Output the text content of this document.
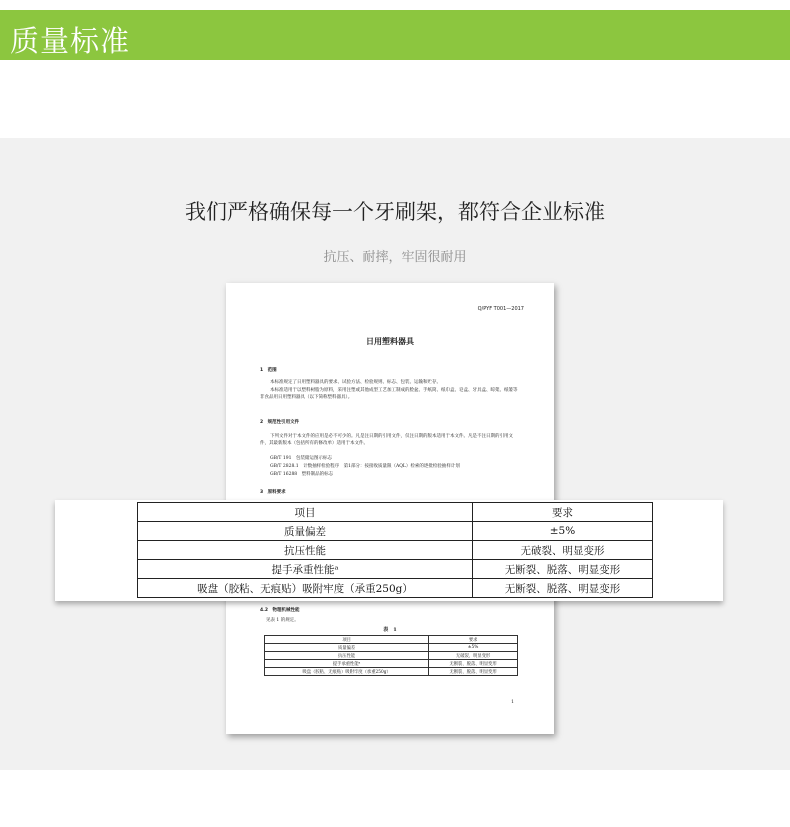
质量标准
我们严格确保每一个牙刷架，都符合企业标准
抗压、耐摔，牢固很耐用
Q/PYF T001—2017
日用塑料器具
1　范围
本标准规定了日用塑料器具的要求、试验方法、检验规则、标志、包装、运输和贮存。
本标准适用于以塑料树脂为原料，采用注塑或其他成型工艺加工制成的脸盆、手纸筒、纸巾盒、皂盒、牙具盒、晾架、纸篓等非食品用日用塑料器具（以下简称塑料器具）。
2　规范性引用文件
下列文件对于本文件的应用是必不可少的。凡是注日期的引用文件，仅注日期的版本适用于本文件。凡是不注日期的引用文件，其最新版本（包括所有的修改单）适用于本文件。
GB/T 191　包装储运图示标志
GB/T 2828.1　计数抽样检验程序　第1部分：按接收质量限（AQL）检索的逐批检验抽样计划
GB/T 16288　塑料制品的标志
3　原料要求
4.2　物理机械性能
见表 1 的规定。
表　1
项目	要求
质量偏差	±5%
抗压性能	无破裂、明显变形
提手承重性能ᵃ	无断裂、脱落、明显变形
吸盘（胶粘、无痕贴）吸附牢度（承重250g）	无断裂、脱落、明显变形
1
项目	要求
质量偏差	±5%
抗压性能	无破裂、明显变形
提手承重性能ᵃ	无断裂、脱落、明显变形
吸盘（胶粘、无痕贴）吸附牢度（承重250g）	无断裂、脱落、明显变形
